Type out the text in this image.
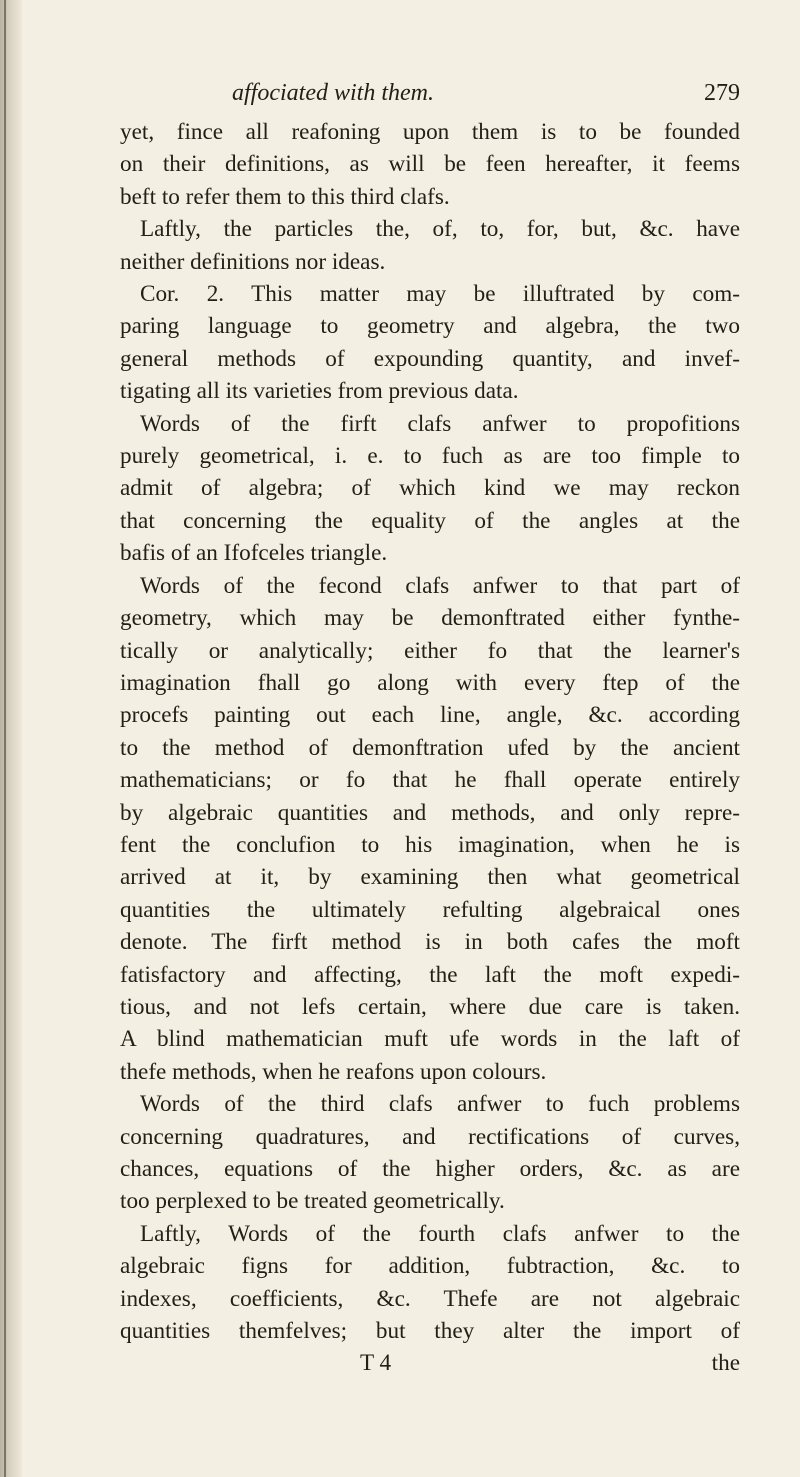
affociated with them.	279
yet, fince all reafoning upon them is to be founded
on their definitions, as will be feen hereafter, it feems
beft to refer them to this third clafs.
Laftly, the particles the, of, to, for, but, &c. have
neither definitions nor ideas.
Cor. 2. This matter may be illuftrated by com-
paring language to geometry and algebra, the two
general methods of expounding quantity, and invef-
tigating all its varieties from previous data.
Words of the firft clafs anfwer to propofitions
purely geometrical, i. e. to fuch as are too fimple to
admit of algebra; of which kind we may reckon
that concerning the equality of the angles at the
bafis of an Ifofceles triangle.
Words of the fecond clafs anfwer to that part of
geometry, which may be demonftrated either fynthe-
tically or analytically; either fo that the learner's
imagination fhall go along with every ftep of the
procefs painting out each line, angle, &c. according
to the method of demonftration ufed by the ancient
mathematicians; or fo that he fhall operate entirely
by algebraic quantities and methods, and only repre-
fent the conclufion to his imagination, when he is
arrived at it, by examining then what geometrical
quantities the ultimately refulting algebraical ones
denote. The firft method is in both cafes the moft
fatisfactory and affecting, the laft the moft expedi-
tious, and not lefs certain, where due care is taken.
A blind mathematician muft ufe words in the laft of
thefe methods, when he reafons upon colours.
Words of the third clafs anfwer to fuch problems
concerning quadratures, and rectifications of curves,
chances, equations of the higher orders, &c. as are
too perplexed to be treated geometrically.
Laftly, Words of the fourth clafs anfwer to the
algebraic figns for addition, fubtraction, &c. to
indexes, coefficients, &c. Thefe are not algebraic
quantities themfelves; but they alter the import of
T 4	the
